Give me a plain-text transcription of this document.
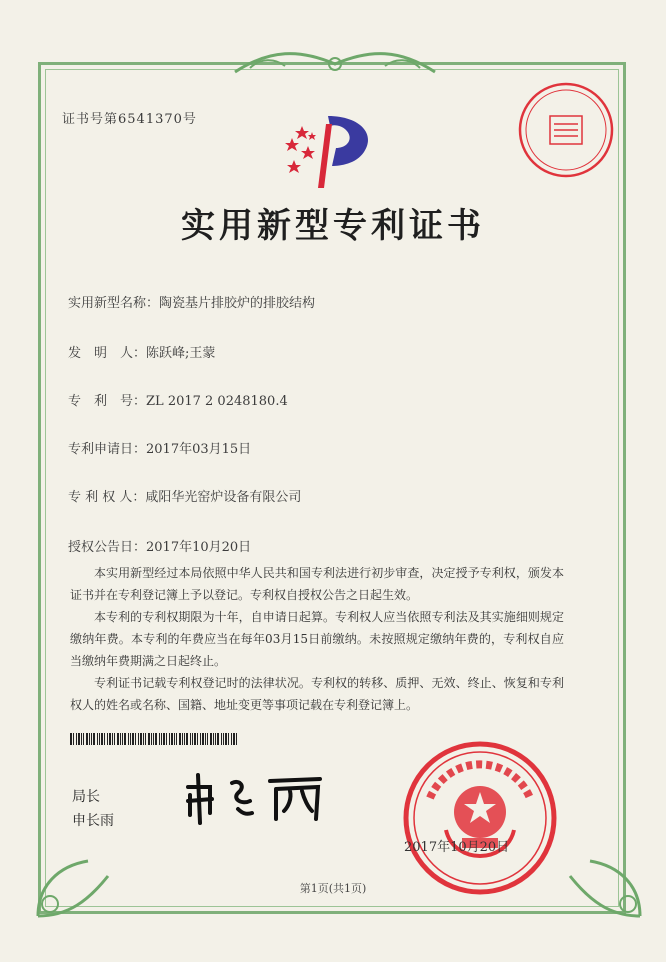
证书号第6541370号
实用新型专利证书
实用新型名称：陶瓷基片排胶炉的排胶结构
发　明　人：陈跃峰;王蒙
专　利　号：ZL 2017 2 0248180.4
专利申请日：2017年03月15日
专 利 权 人：咸阳华光窑炉设备有限公司
授权公告日：2017年10月20日

本实用新型经过本局依照中华人民共和国专利法进行初步审查，决定授予专利权，颁发本证书并在专利登记簿上予以登记。专利权自授权公告之日起生效。

本专利的专利权期限为十年，自申请日起算。专利权人应当依照专利法及其实施细则规定缴纳年费。本专利的年费应当在每年03月15日前缴纳。未按照规定缴纳年费的，专利权自应当缴纳年费期满之日起终止。

专利证书记载专利权登记时的法律状况。专利权的转移、质押、无效、终止、恢复和专利权人的姓名或名称、国籍、地址变更等事项记载在专利登记簿上。

局长
申长雨
2017年10月20日
第1页(共1页)
